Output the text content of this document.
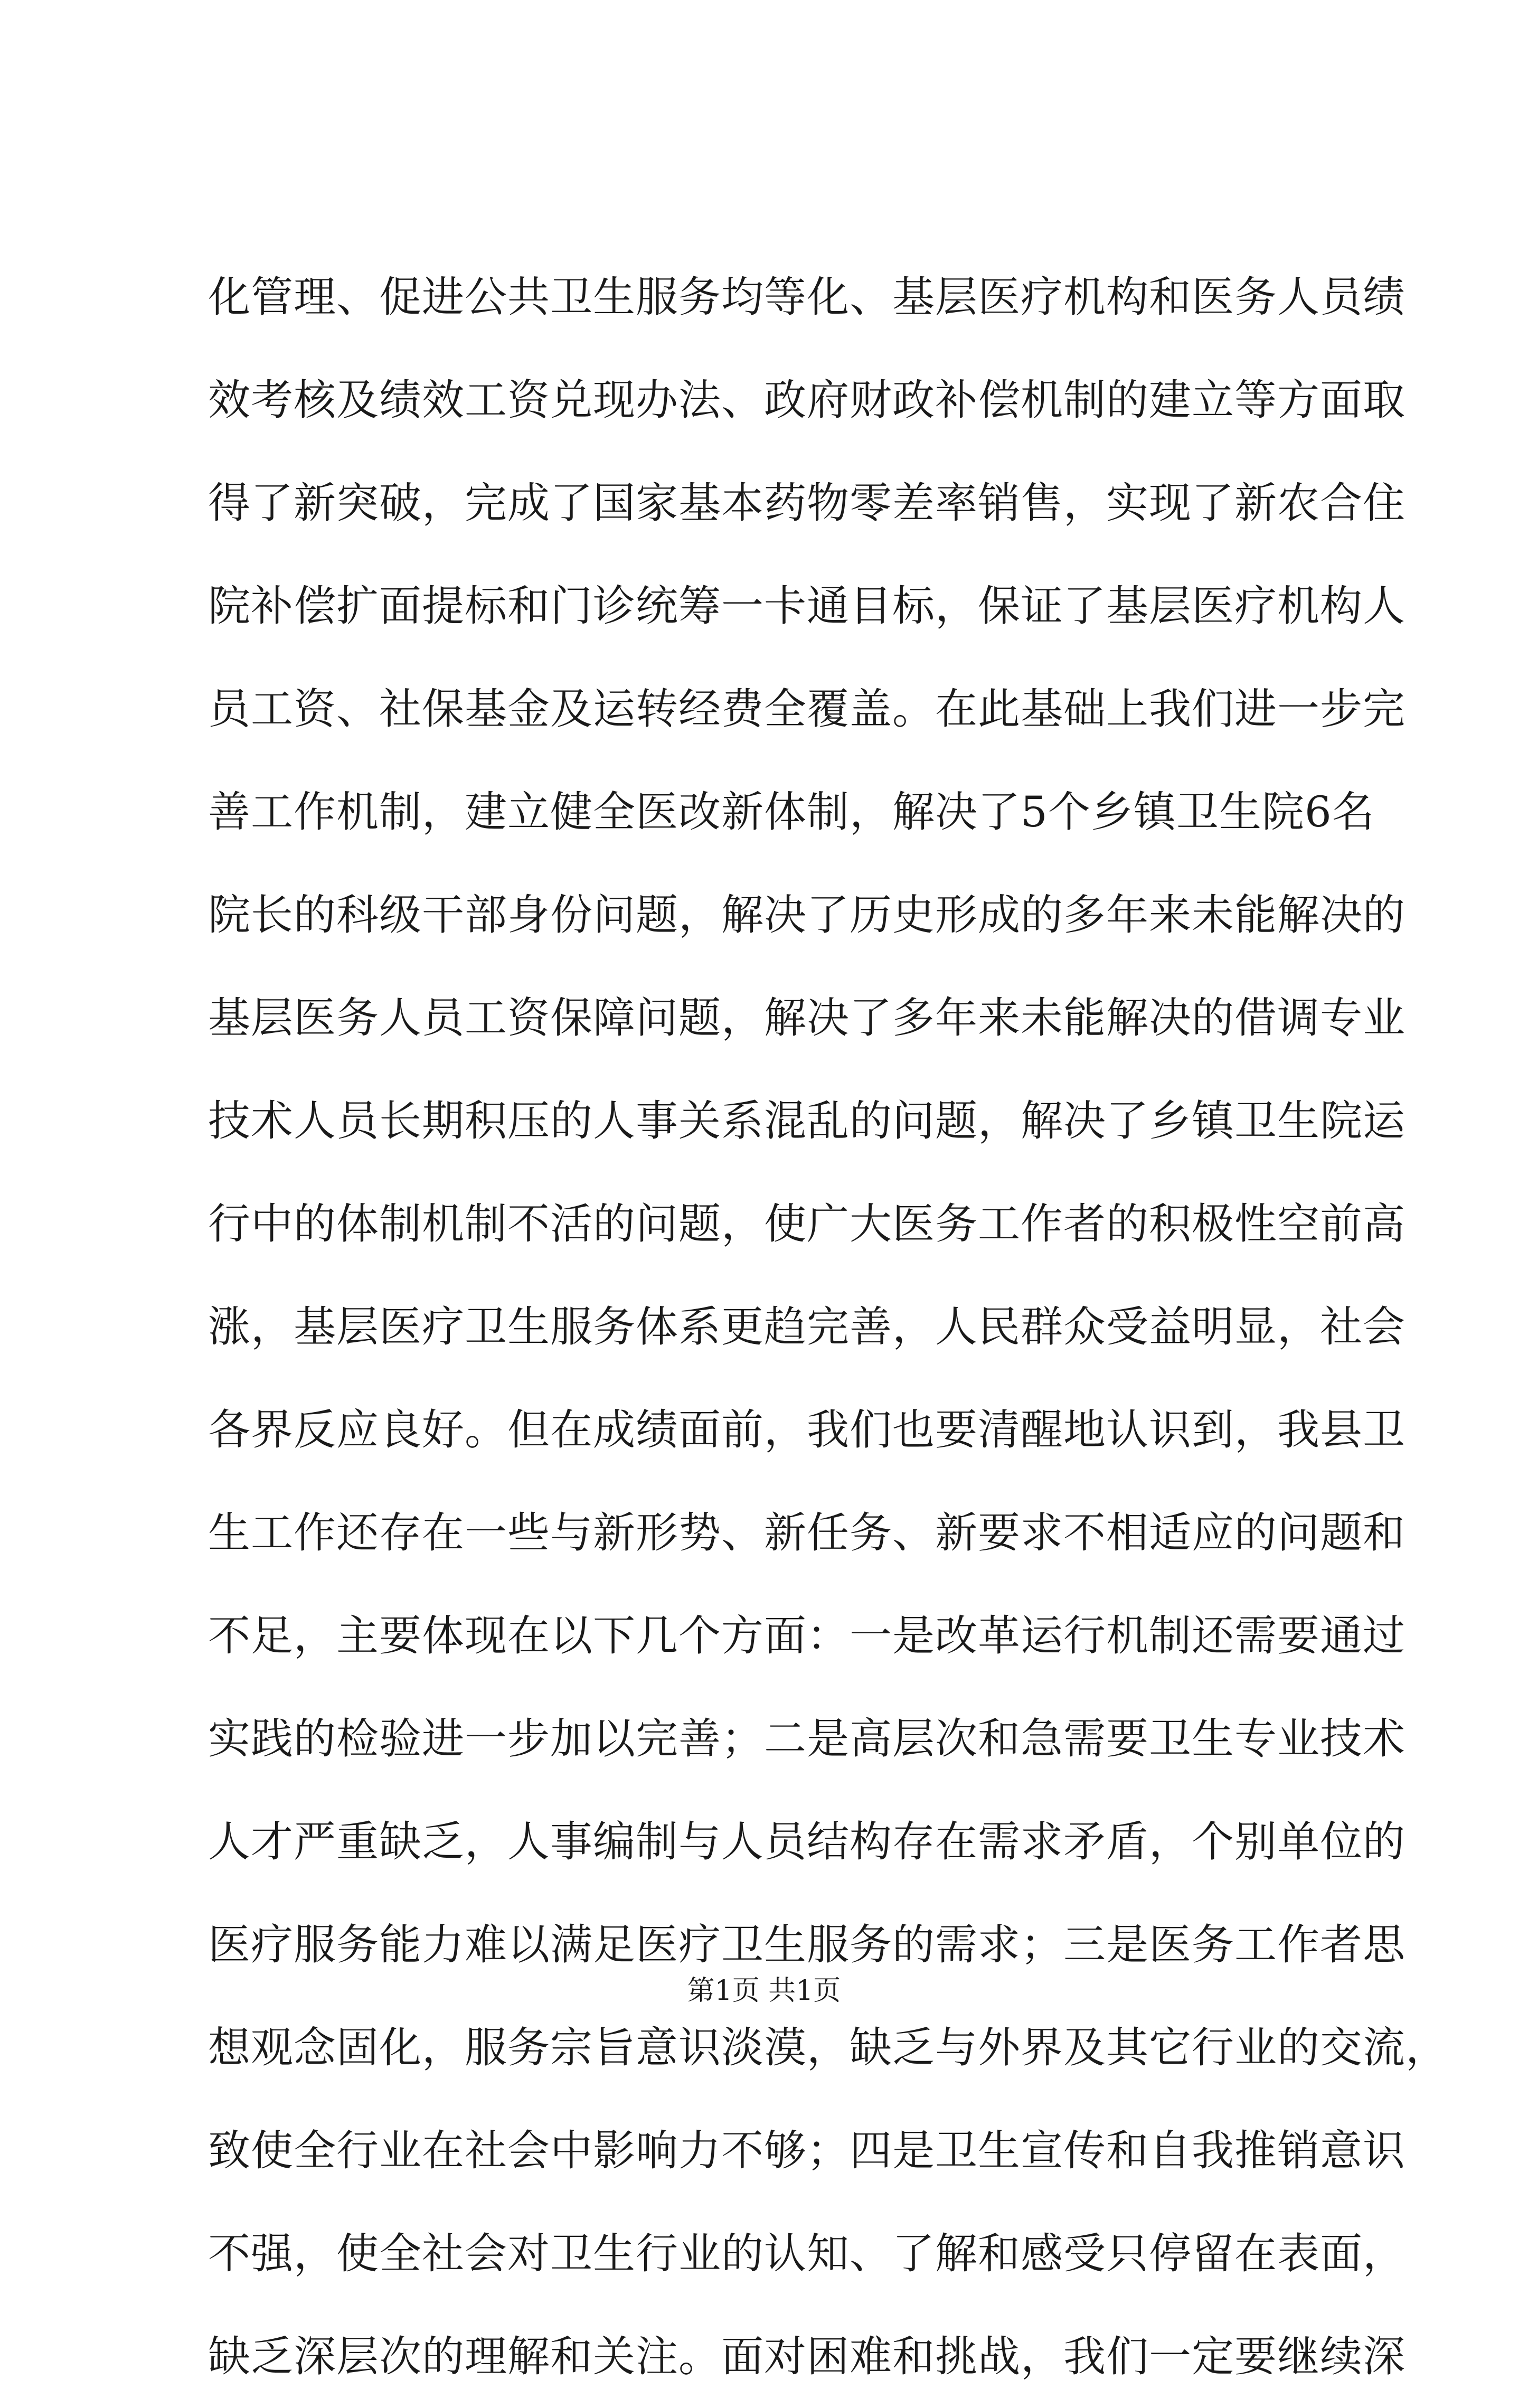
化管理、促进公共卫生服务均等化、基层医疗机构和医务人员绩
效考核及绩效工资兑现办法、政府财政补偿机制的建立等方面取
得了新突破，完成了国家基本药物零差率销售，实现了新农合住
院补偿扩面提标和门诊统筹一卡通目标，保证了基层医疗机构人
员工资、社保基金及运转经费全覆盖。在此基础上我们进一步完
善工作机制，建立健全医改新体制，解决了5个乡镇卫生院6名
院长的科级干部身份问题，解决了历史形成的多年来未能解决的
基层医务人员工资保障问题，解决了多年来未能解决的借调专业
技术人员长期积压的人事关系混乱的问题，解决了乡镇卫生院运
行中的体制机制不活的问题，使广大医务工作者的积极性空前高
涨，基层医疗卫生服务体系更趋完善，人民群众受益明显，社会
各界反应良好。但在成绩面前，我们也要清醒地认识到，我县卫
生工作还存在一些与新形势、新任务、新要求不相适应的问题和
不足，主要体现在以下几个方面：一是改革运行机制还需要通过
实践的检验进一步加以完善；二是高层次和急需要卫生专业技术
人才严重缺乏，人事编制与人员结构存在需求矛盾，个别单位的
医疗服务能力难以满足医疗卫生服务的需求；三是医务工作者思
想观念固化，服务宗旨意识淡漠，缺乏与外界及其它行业的交流，
致使全行业在社会中影响力不够；四是卫生宣传和自我推销意识
不强，使全社会对卫生行业的认知、了解和感受只停留在表面，
缺乏深层次的理解和关注。面对困难和挑战，我们一定要继续深
第1页 共1页
